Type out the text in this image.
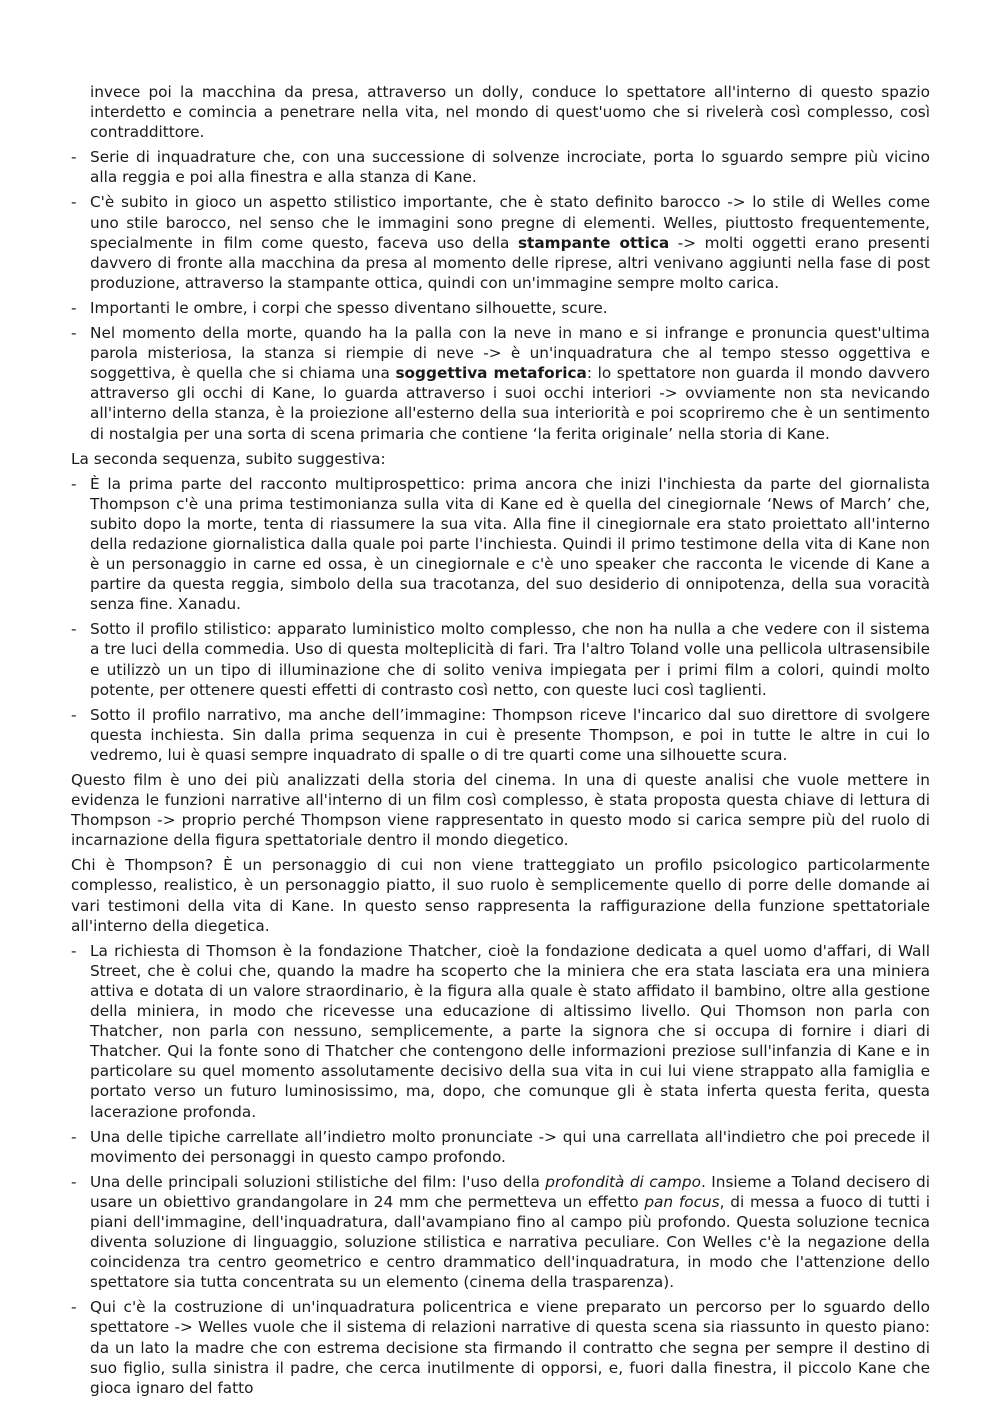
invece poi la macchina da presa, attraverso un dolly, conduce lo spettatore all'interno di questo spazio interdetto e comincia a penetrare nella vita, nel mondo di quest'uomo che si rivelerà così complesso, così contraddittore.
- Serie di inquadrature che, con una successione di solvenze incrociate, porta lo sguardo sempre più vicino alla reggia e poi alla finestra e alla stanza di Kane.
- C'è subito in gioco un aspetto stilistico importante, che è stato definito barocco -> lo stile di Welles come uno stile barocco, nel senso che le immagini sono pregne di elementi. Welles, piuttosto frequentemente, specialmente in film come questo, faceva uso della stampante ottica -> molti oggetti erano presenti davvero di fronte alla macchina da presa al momento delle riprese, altri venivano aggiunti nella fase di post produzione, attraverso la stampante ottica, quindi con un'immagine sempre molto carica.
- Importanti le ombre, i corpi che spesso diventano silhouette, scure.
- Nel momento della morte, quando ha la palla con la neve in mano e si infrange e pronuncia quest'ultima parola misteriosa, la stanza si riempie di neve -> è un'inquadratura che al tempo stesso oggettiva e soggettiva, è quella che si chiama una soggettiva metaforica: lo spettatore non guarda il mondo davvero attraverso gli occhi di Kane, lo guarda attraverso i suoi occhi interiori -> ovviamente non sta nevicando all'interno della stanza, è la proiezione all'esterno della sua interiorità e poi scopriremo che è un sentimento di nostalgia per una sorta di scena primaria che contiene ‘la ferita originale’ nella storia di Kane.
La seconda sequenza, subito suggestiva:
- È la prima parte del racconto multiprospettico: prima ancora che inizi l'inchiesta da parte del giornalista Thompson c'è una prima testimonianza sulla vita di Kane ed è quella del cinegiornale ‘News of March’ che, subito dopo la morte, tenta di riassumere la sua vita. Alla fine il cinegiornale era stato proiettato all'interno della redazione giornalistica dalla quale poi parte l'inchiesta. Quindi il primo testimone della vita di Kane non è un personaggio in carne ed ossa, è un cinegiornale e c'è uno speaker che racconta le vicende di Kane a partire da questa reggia, simbolo della sua tracotanza, del suo desiderio di onnipotenza, della sua voracità senza fine. Xanadu.
- Sotto il profilo stilistico: apparato luministico molto complesso, che non ha nulla a che vedere con il sistema a tre luci della commedia. Uso di questa molteplicità di fari. Tra l'altro Toland volle una pellicola ultrasensibile e utilizzò un un tipo di illuminazione che di solito veniva impiegata per i primi film a colori, quindi molto potente, per ottenere questi effetti di contrasto così netto, con queste luci così taglienti.
- Sotto il profilo narrativo, ma anche dell’immagine: Thompson riceve l'incarico dal suo direttore di svolgere questa inchiesta. Sin dalla prima sequenza in cui è presente Thompson, e poi in tutte le altre in cui lo vedremo, lui è quasi sempre inquadrato di spalle o di tre quarti come una silhouette scura.
Questo film è uno dei più analizzati della storia del cinema. In una di queste analisi che vuole mettere in evidenza le funzioni narrative all'interno di un film così complesso, è stata proposta questa chiave di lettura di Thompson -> proprio perché Thompson viene rappresentato in questo modo si carica sempre più del ruolo di incarnazione della figura spettatoriale dentro il mondo diegetico.
Chi è Thompson? È un personaggio di cui non viene tratteggiato un profilo psicologico particolarmente complesso, realistico, è un personaggio piatto, il suo ruolo è semplicemente quello di porre delle domande ai vari testimoni della vita di Kane. In questo senso rappresenta la raffigurazione della funzione spettatoriale all'interno della diegetica.
- La richiesta di Thomson è la fondazione Thatcher, cioè la fondazione dedicata a quel uomo d'affari, di Wall Street, che è colui che, quando la madre ha scoperto che la miniera che era stata lasciata era una miniera attiva e dotata di un valore straordinario, è la figura alla quale è stato affidato il bambino, oltre alla gestione della miniera, in modo che ricevesse una educazione di altissimo livello. Qui Thomson non parla con Thatcher, non parla con nessuno, semplicemente, a parte la signora che si occupa di fornire i diari di Thatcher. Qui la fonte sono di Thatcher che contengono delle informazioni preziose sull'infanzia di Kane e in particolare su quel momento assolutamente decisivo della sua vita in cui lui viene strappato alla famiglia e portato verso un futuro luminosissimo, ma, dopo, che comunque gli è stata inferta questa ferita, questa lacerazione profonda.
- Una delle tipiche carrellate all’indietro molto pronunciate -> qui una carrellata all'indietro che poi precede il movimento dei personaggi in questo campo profondo.
- Una delle principali soluzioni stilistiche del film: l'uso della profondità di campo. Insieme a Toland decisero di usare un obiettivo grandangolare in 24 mm che permetteva un effetto pan focus, di messa a fuoco di tutti i piani dell'immagine, dell'inquadratura, dall'avampiano fino al campo più profondo. Questa soluzione tecnica diventa soluzione di linguaggio, soluzione stilistica e narrativa peculiare. Con Welles c'è la negazione della coincidenza tra centro geometrico e centro drammatico dell'inquadratura, in modo che l'attenzione dello spettatore sia tutta concentrata su un elemento (cinema della trasparenza).
- Qui c'è la costruzione di un'inquadratura policentrica e viene preparato un percorso per lo sguardo dello spettatore -> Welles vuole che il sistema di relazioni narrative di questa scena sia riassunto in questo piano: da un lato la madre che con estrema decisione sta firmando il contratto che segna per sempre il destino di suo figlio, sulla sinistra il padre, che cerca inutilmente di opporsi, e, fuori dalla finestra, il piccolo Kane che gioca ignaro del fatto
